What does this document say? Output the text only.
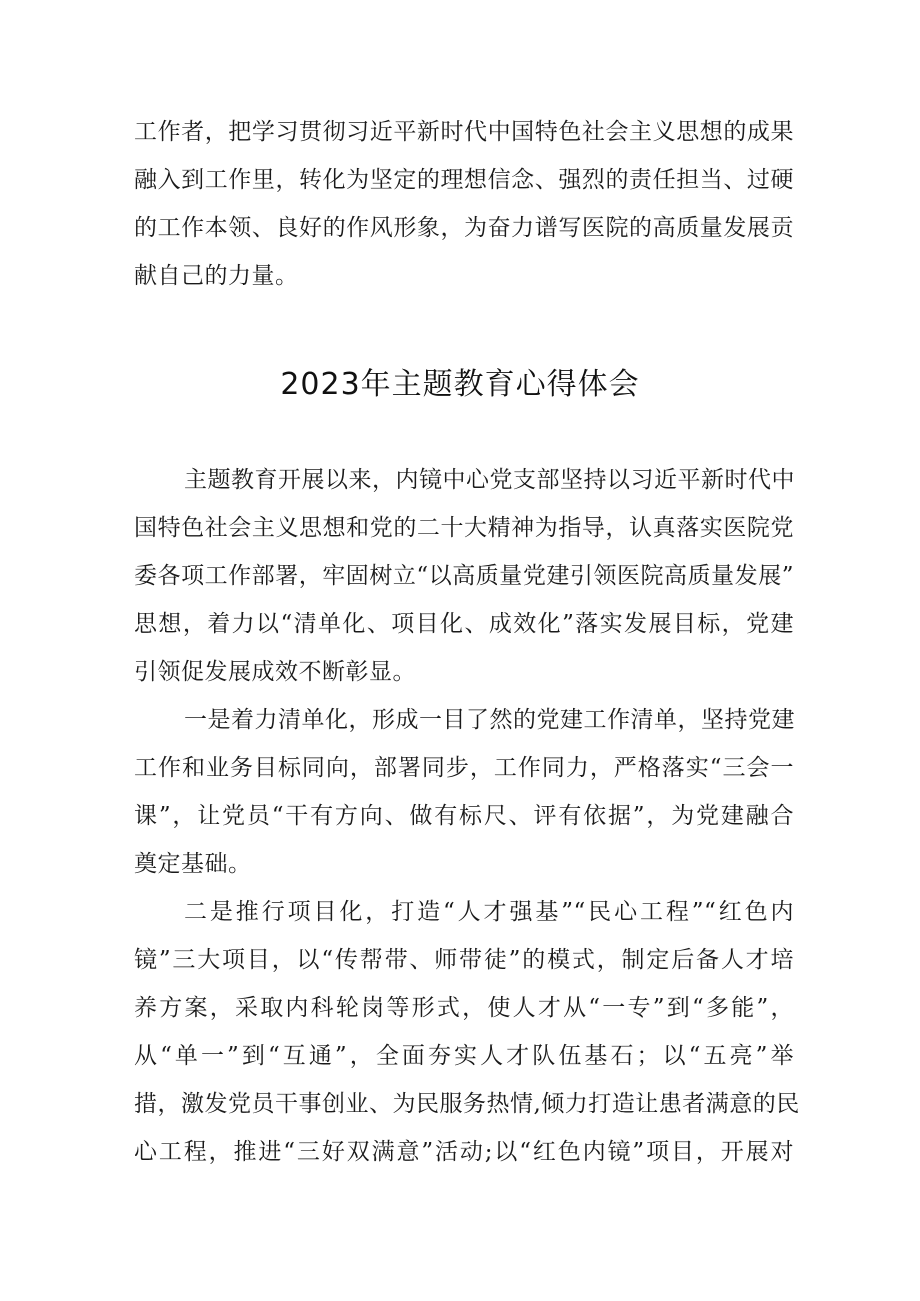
工作者，把学习贯彻习近平新时代中国特色社会主义思想的成果
融入到工作里，转化为坚定的理想信念、强烈的责任担当、过硬
的工作本领、良好的作风形象，为奋力谱写医院的高质量发展贡
献自己的力量。
2023年主题教育心得体会
主题教育开展以来，内镜中心党支部坚持以习近平新时代中
国特色社会主义思想和党的二十大精神为指导，认真落实医院党
委各项工作部署，牢固树立“以高质量党建引领医院高质量发展”
思想，着力以“清单化、项目化、成效化”落实发展目标，党建
引领促发展成效不断彰显。
一是着力清单化，形成一目了然的党建工作清单，坚持党建
工作和业务目标同向，部署同步，工作同力，严格落实“三会一
课”，让党员“干有方向、做有标尺、评有依据”，为党建融合
奠定基础。
二是推行项目化，打造“人才强基”“民心工程”“红色内
镜”三大项目，以“传帮带、师带徒”的模式，制定后备人才培
养方案，采取内科轮岗等形式，使人才从“一专”到“多能”，
从“单一”到“互通”，全面夯实人才队伍基石；以“五亮”举
措，激发党员干事创业、为民服务热情,倾力打造让患者满意的民
心工程，推进“三好双满意”活动;以“红色内镜”项目，开展对
